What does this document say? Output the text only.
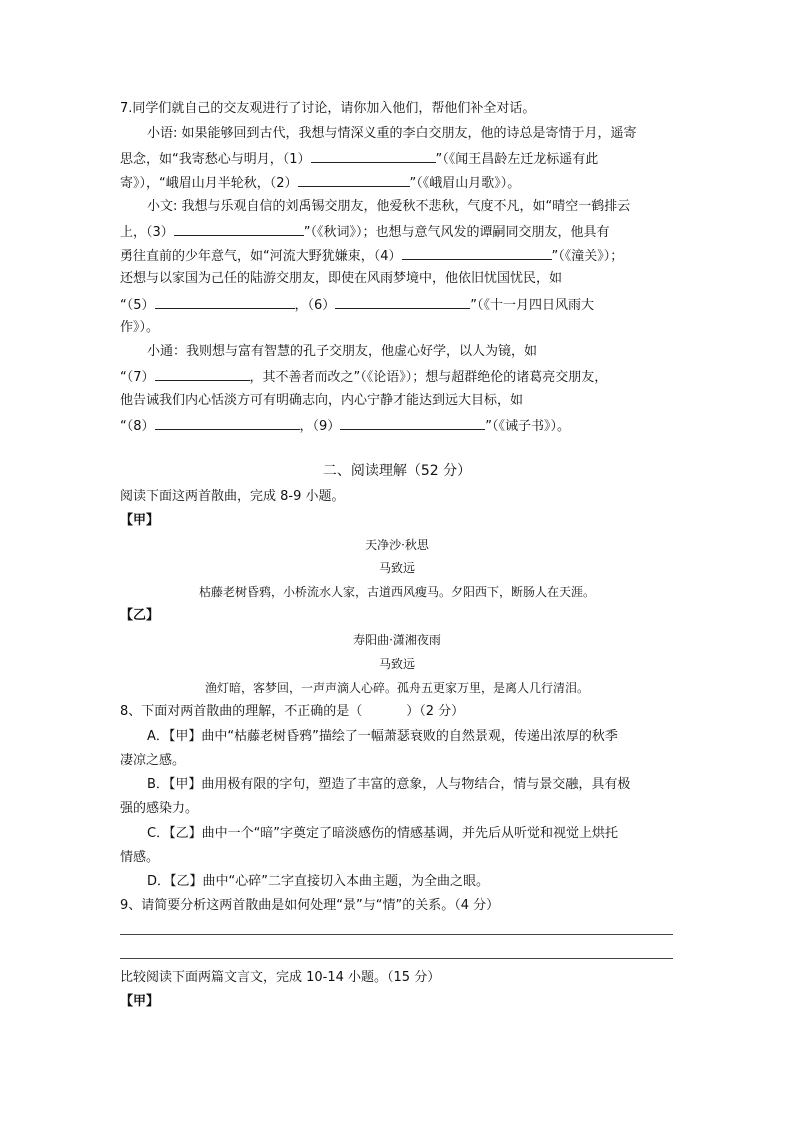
7.同学们就自己的交友观进行了讨论，请你加入他们，帮他们补全对话。
小语: 如果能够回到古代，我想与情深义重的李白交朋友，他的诗总是寄情于月，遥寄
思念，如“我寄愁心与明月，（1）	”（《闻王昌龄左迁龙标遥有此
寄》），“峨眉山月半轮秋，（2）	”（《峨眉山月歌》）。
小文: 我想与乐观自信的刘禹锡交朋友，他爱秋不悲秋，气度不凡，如“晴空一鹤排云
上，（3）	”（《秋词》）；也想与意气风发的谭嗣同交朋友，他具有
勇往直前的少年意气，如“河流大野犹嫌束，（4）	”（《潼关》）；
还想与以家国为己任的陆游交朋友，即使在风雨梦境中，他依旧忧国忧民，如
“（5）	，（6）	”（《十一月四日风雨大
作》）。
小通：我则想与富有智慧的孔子交朋友，他虚心好学，以人为镜，如
“（7）	，其不善者而改之”（《论语》）；想与超群绝伦的诸葛亮交朋友，
他告诫我们内心恬淡方可有明确志向，内心宁静才能达到远大目标，如
“（8）	，（9）	”（《诫子书》）。
二、阅读理解（52 分）
阅读下面这两首散曲，完成 8-9 小题。
【甲】
天净沙·秋思
马致远
枯藤老树昏鸦，小桥流水人家，古道西风瘦马。夕阳西下，断肠人在天涯。
【乙】
寿阳曲·潇湘夜雨
马致远
渔灯暗，客梦回，一声声滴人心碎。孤舟五更家万里，是离人几行清泪。
8、下面对两首散曲的理解，不正确的是（	）（2 分）
A．【甲】曲中“枯藤老树昏鸦”描绘了一幅萧瑟衰败的自然景观，传递出浓厚的秋季
凄凉之感。
B．【甲】曲用极有限的字句，塑造了丰富的意象，人与物结合，情与景交融，具有极
强的感染力。
C．【乙】曲中一个“暗”字奠定了暗淡感伤的情感基调，并先后从听觉和视觉上烘托
情感。
D．【乙】曲中“心碎”二字直接切入本曲主题，为全曲之眼。
9、请简要分析这两首散曲是如何处理“景”与“情”的关系。（4 分）
比较阅读下面两篇文言文，完成 10-14 小题。（15 分）
【甲】
